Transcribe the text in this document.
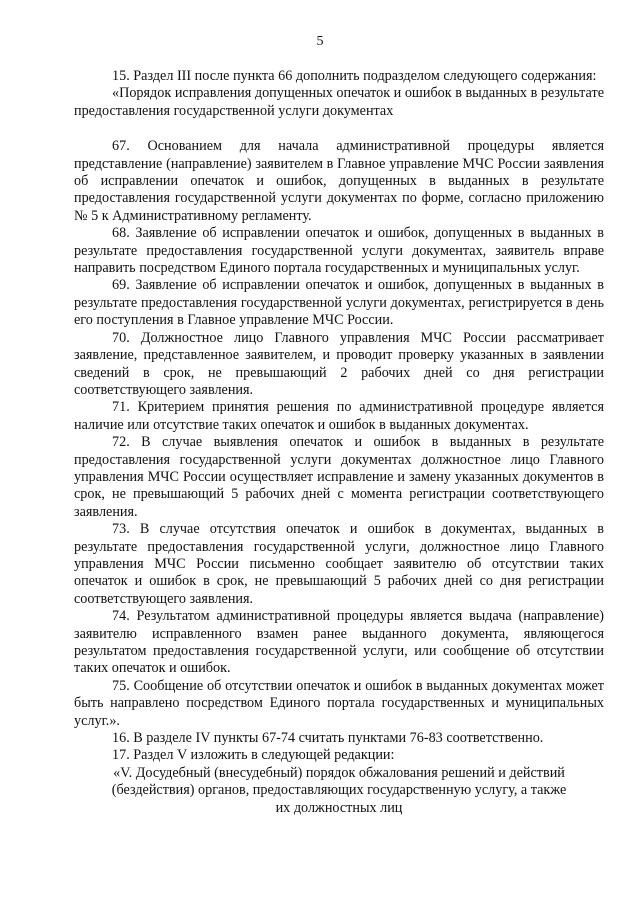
5

15. Раздел III после пункта 66 дополнить подразделом следующего содержания:

«Порядок исправления допущенных опечаток и ошибок в выданных в результате предоставления государственной услуги документах

67. Основанием для начала административной процедуры является представление (направление) заявителем в Главное управление МЧС России заявления об исправлении опечаток и ошибок, допущенных в выданных в результате предоставления государственной услуги документах по форме, согласно приложению № 5 к Административному регламенту.

68. Заявление об исправлении опечаток и ошибок, допущенных в выданных в результате предоставления государственной услуги документах, заявитель вправе направить посредством Единого портала государственных и муниципальных услуг.

69. Заявление об исправлении опечаток и ошибок, допущенных в выданных в результате предоставления государственной услуги документах, регистрируется в день его поступления в Главное управление МЧС России.

70. Должностное лицо Главного управления МЧС России рассматривает заявление, представленное заявителем, и проводит проверку указанных в заявлении сведений в срок, не превышающий 2 рабочих дней со дня регистрации соответствующего заявления.

71. Критерием принятия решения по административной процедуре является наличие или отсутствие таких опечаток и ошибок в выданных документах.

72. В случае выявления опечаток и ошибок в выданных в результате предоставления государственной услуги документах должностное лицо Главного управления МЧС России осуществляет исправление и замену указанных документов в срок, не превышающий 5 рабочих дней с момента регистрации соответствующего заявления.

73. В случае отсутствия опечаток и ошибок в документах, выданных в результате предоставления государственной услуги, должностное лицо Главного управления МЧС России письменно сообщает заявителю об отсутствии таких опечаток и ошибок в срок, не превышающий 5 рабочих дней со дня регистрации соответствующего заявления.

74. Результатом административной процедуры является выдача (направление) заявителю исправленного взамен ранее выданного документа, являющегося результатом предоставления государственной услуги, или сообщение об отсутствии таких опечаток и ошибок.

75. Сообщение об отсутствии опечаток и ошибок в выданных документах может быть направлено посредством Единого портала государственных и муниципальных услуг.».

16. В разделе IV пункты 67-74 считать пунктами 76-83 соответственно.

17. Раздел V изложить в следующей редакции:

«V. Досудебный (внесудебный) порядок обжалования решений и действий

(бездействия) органов, предоставляющих государственную услугу, а также

их должностных лиц
